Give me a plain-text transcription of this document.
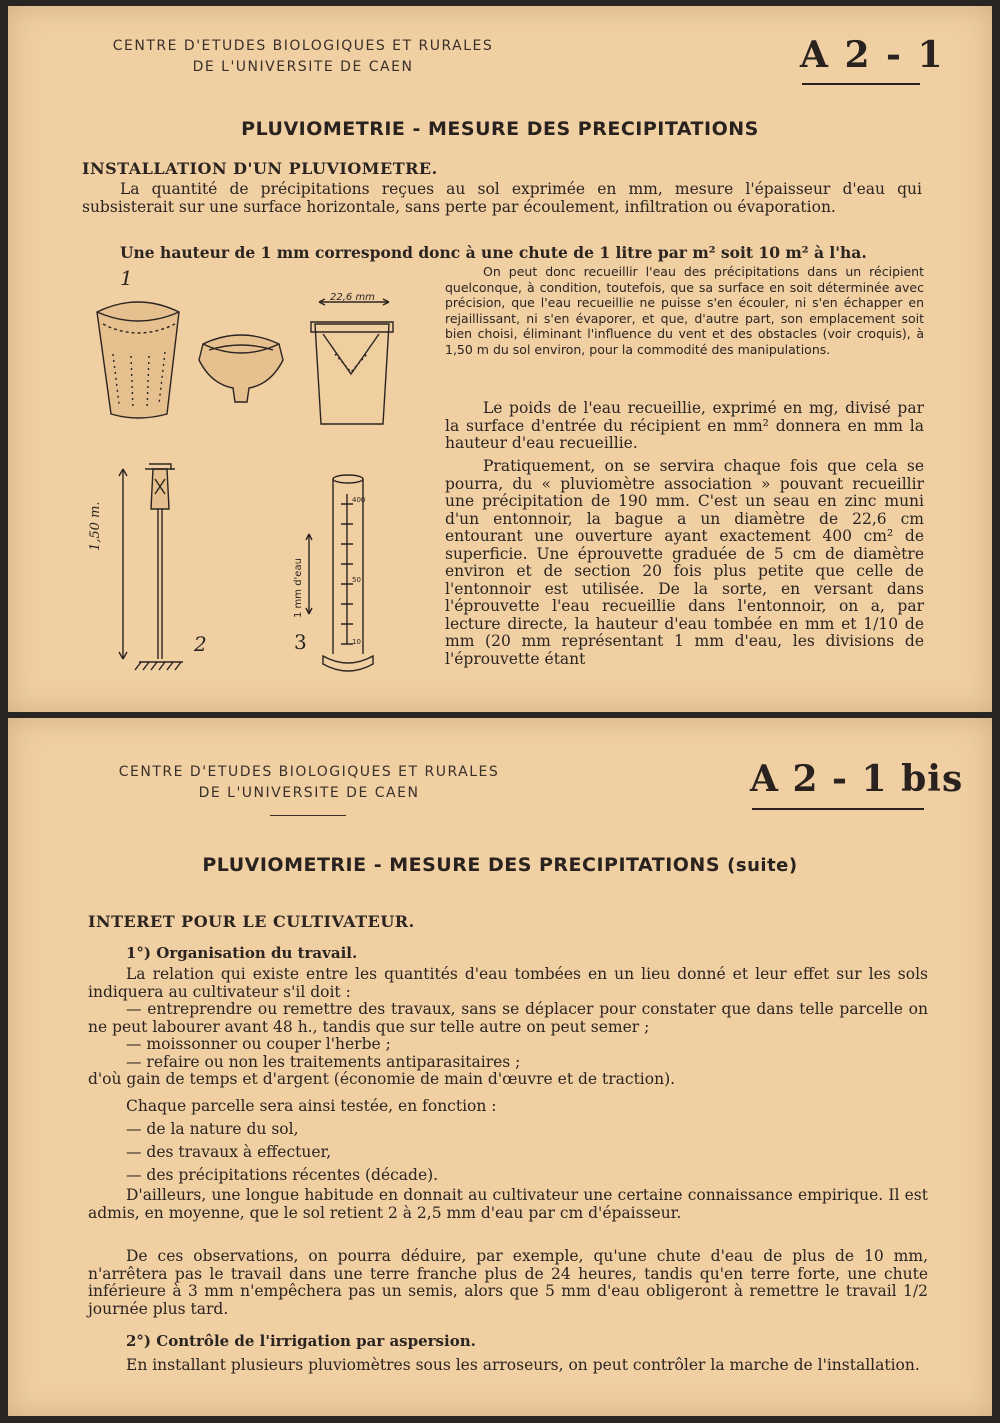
CENTRE D'ETUDES BIOLOGIQUES ET RURALES
DE L'UNIVERSITE DE CAEN	A 2 - 1
PLUVIOMETRIE - MESURE DES PRECIPITATIONS
INSTALLATION D'UN PLUVIOMETRE.

La quantité de précipitations reçues au sol exprimée en mm, mesure l'épaisseur d'eau qui subsisterait sur une surface horizontale, sans perte par écoulement, infiltration ou évaporation.

Une hauteur de 1 mm correspond donc à une chute de 1 litre par m² soit 10 m² à l'ha.
1
2	3
22,6 mm
1,50 m.
1 mm d'eau
400
50
10

On peut donc recueillir l'eau des précipitations dans un récipient quelconque, à condition, toutefois, que sa surface en soit déterminée avec précision, que l'eau recueillie ne puisse s'en écouler, ni s'en échapper en rejaillissant, ni s'en évaporer, et que, d'autre part, son emplacement soit bien choisi, éliminant l'influence du vent et des obstacles (voir croquis), à 1,50 m du sol environ, pour la commodité des manipulations.

Le poids de l'eau recueillie, exprimé en mg, divisé par la surface d'entrée du récipient en mm² donnera en mm la hauteur d'eau recueillie.

Pratiquement, on se servira chaque fois que cela se pourra, du « pluviomètre association » pouvant recueillir une précipitation de 190 mm. C'est un seau en zinc muni d'un entonnoir, la bague a un diamètre de 22,6 cm entourant une ouverture ayant exactement 400 cm² de superficie. Une éprouvette graduée de 5 cm de diamètre environ et de section 20 fois plus petite que celle de l'entonnoir est utilisée. De la sorte, en versant dans l'éprouvette l'eau recueillie dans l'entonnoir, on a, par lecture directe, la hauteur d'eau tombée en mm et 1/10 de mm (20 mm représentant 1 mm d'eau, les divisions de l'éprouvette étant

CENTRE D'ETUDES BIOLOGIQUES ET RURALES
DE L'UNIVERSITE DE CAEN	A 2 - 1 bis
PLUVIOMETRIE - MESURE DES PRECIPITATIONS (suite)
INTERET POUR LE CULTIVATEUR.
1°) Organisation du travail.

La relation qui existe entre les quantités d'eau tombées en un lieu donné et leur effet sur les sols indiquera au cultivateur s'il doit :

— entreprendre ou remettre des travaux, sans se déplacer pour constater que dans telle parcelle on ne peut labourer avant 48 h., tandis que sur telle autre on peut semer ;

— moissonner ou couper l'herbe ;

— refaire ou non les traitements antiparasitaires ;

d'où gain de temps et d'argent (économie de main d'œuvre et de traction).

Chaque parcelle sera ainsi testée, en fonction :
— de la nature du sol,
— des travaux à effectuer,
— des précipitations récentes (décade).

D'ailleurs, une longue habitude en donnait au cultivateur une certaine connaissance empirique. Il est admis, en moyenne, que le sol retient 2 à 2,5 mm d'eau par cm d'épaisseur.

De ces observations, on pourra déduire, par exemple, qu'une chute d'eau de plus de 10 mm, n'arrêtera pas le travail dans une terre franche plus de 24 heures, tandis qu'en terre forte, une chute inférieure à 3 mm n'empêchera pas un semis, alors que 5 mm d'eau obligeront à remettre le travail 1/2 journée plus tard.

2°) Contrôle de l'irrigation par aspersion.

En installant plusieurs pluviomètres sous les arroseurs, on peut contrôler la marche de l'installation.
